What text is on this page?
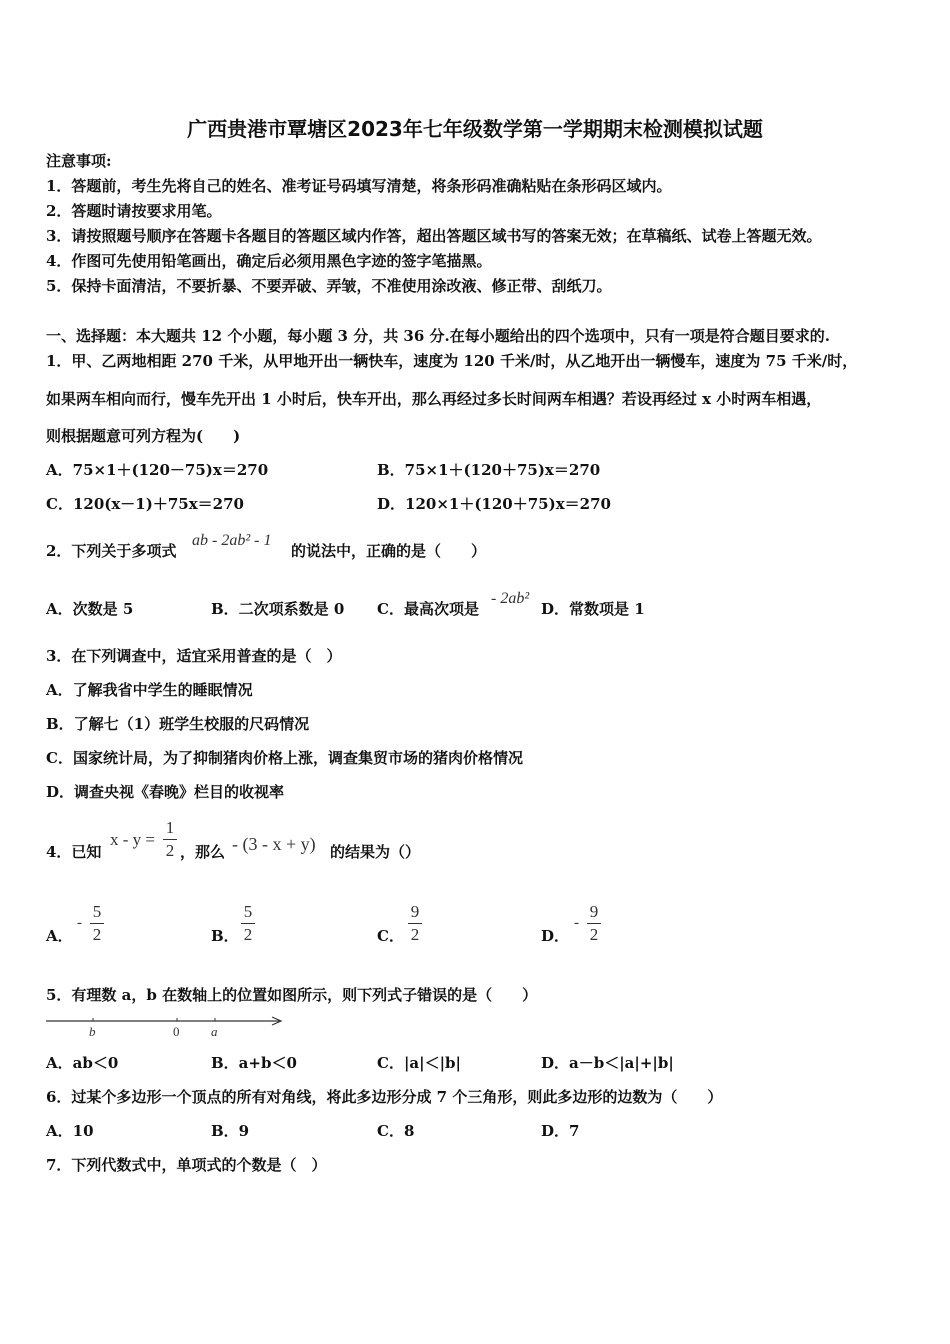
广西贵港市覃塘区2023年七年级数学第一学期期末检测模拟试题
注意事项:
1．答题前，考生先将自己的姓名、准考证号码填写清楚，将条形码准确粘贴在条形码区域内。
2．答题时请按要求用笔。
3．请按照题号顺序在答题卡各题目的答题区域内作答，超出答题区域书写的答案无效；在草稿纸、试卷上答题无效。
4．作图可先使用铅笔画出，确定后必须用黑色字迹的签字笔描黑。
5．保持卡面清洁，不要折暴、不要弄破、弄皱，不准使用涂改液、修正带、刮纸刀。
一、选择题：本大题共 12 个小题，每小题 3 分，共 36 分.在每小题给出的四个选项中，只有一项是符合题目要求的.
1．甲、乙两地相距 270 千米，从甲地开出一辆快车，速度为 120 千米/时，从乙地开出一辆慢车，速度为 75 千米/时，
如果两车相向而行，慢车先开出 1 小时后，快车开出，那么再经过多长时间两车相遇？若设再经过 x 小时两车相遇，
则根据题意可列方程为(　　)
A．75×1＋(120－75)x＝270	B．75×1＋(120＋75)x＝270
C．120(x－1)＋75x＝270	D．120×1＋(120＋75)x＝270
2．下列关于多项式
ab - 2ab² - 1
的说法中，正确的是（　　）
A．次数是 5	B．二次项系数是 0 C．最高次项是
- 2ab²
D．常数项是 1
3．在下列调查中，适宜采用普查的是（　）
A．了解我省中学生的睡眠情况
B．了解七（1）班学生校服的尺码情况
C．国家统计局，为了抑制猪肉价格上涨，调查集贸市场的猪肉价格情况
D．调查央视《春晚》栏目的收视率
4．已知
x - y =
1
2 ，那么 - (3 - x + y) 的结果为（）
A．
-
5
2	B．
5
2	C．
9
2	D．
-
9
2
5．有理数 a，b 在数轴上的位置如图所示，则下列式子错误的是（　　）
b	0 a
A．ab＜0	B．a+b＜0	C．|a|＜|b|	D．a－b＜|a|+|b|
6．过某个多边形一个顶点的所有对角线，将此多边形分成 7 个三角形，则此多边形的边数为（　　）
A．10	B．9	C．8	D．7
7．下列代数式中，单项式的个数是（　）
